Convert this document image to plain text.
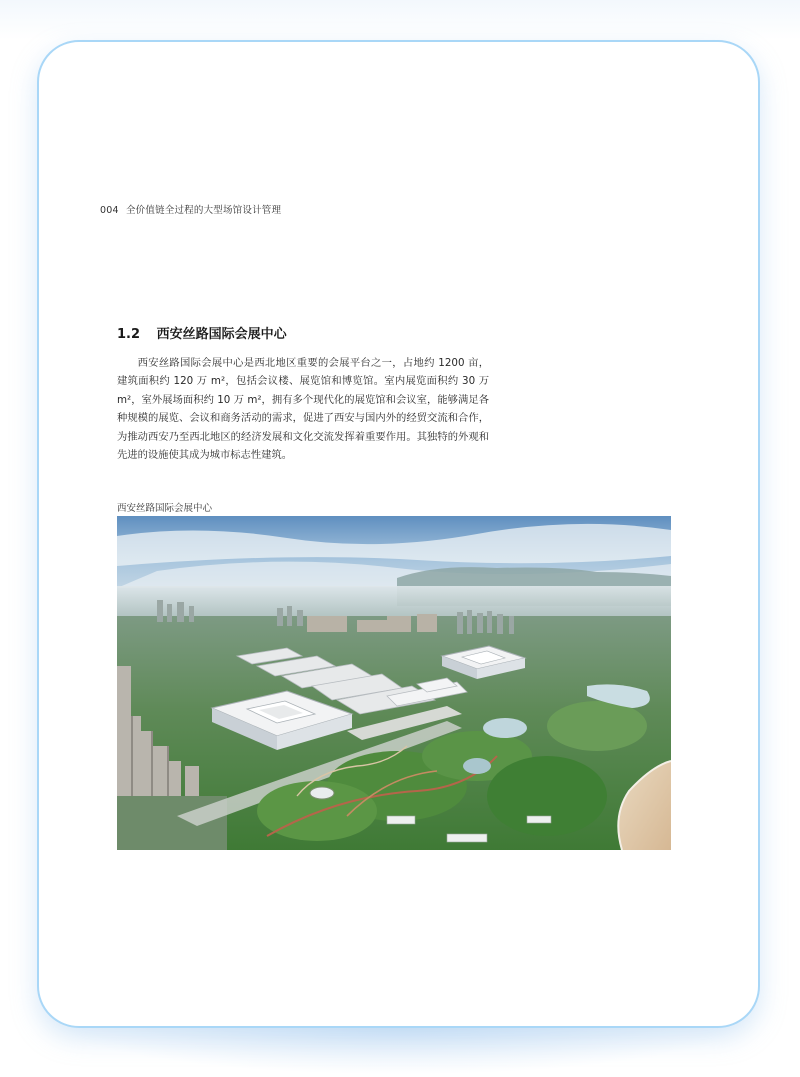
004 全价值链全过程的大型场馆设计管理
1.2 西安丝路国际会展中心

西安丝路国际会展中心是西北地区重要的会展平台之一，占地约 1200 亩，建筑面积约 120 万 m²，包括会议楼、展览馆和博览馆。室内展览面积约 30 万 m²，室外展场面积约 10 万 m²，拥有多个现代化的展览馆和会议室，能够满足各种规模的展览、会议和商务活动的需求，促进了西安与国内外的经贸交流和合作，为推动西安乃至西北地区的经济发展和文化交流发挥着重要作用。其独特的外观和先进的设施使其成为城市标志性建筑。

西安丝路国际会展中心
